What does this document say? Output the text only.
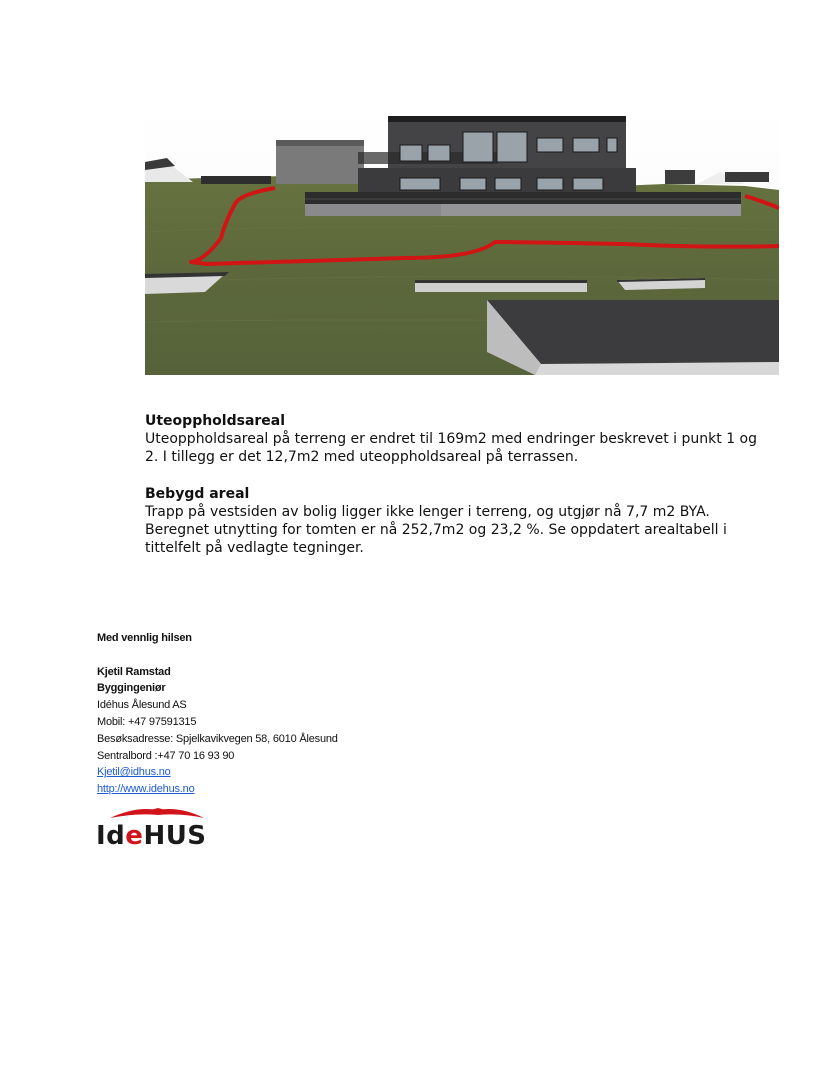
Uteoppholdsareal

Uteoppholdsareal på terreng er endret til 169m2 med endringer beskrevet i punkt 1 og 2. I tillegg er det 12,7m2 med uteoppholdsareal på terrassen.

Bebygd areal

Trapp på vestsiden av bolig ligger ikke lenger i terreng, og utgjør nå 7,7 m2 BYA. Beregnet utnytting for tomten er nå 252,7m2 og 23,2 %. Se oppdatert arealtabell i tittelfelt på vedlagte tegninger.

Med vennlig hilsen
Kjetil Ramstad
Byggingeniør
Idéhus Ålesund AS
Mobil: +47 97591315
Besøksadresse: Spjelkavikvegen 58, 6010 Ålesund
Sentralbord :+47 70 16 93 90
Kjetil@idhus.no
http://www.idehus.no
IdeHUS
